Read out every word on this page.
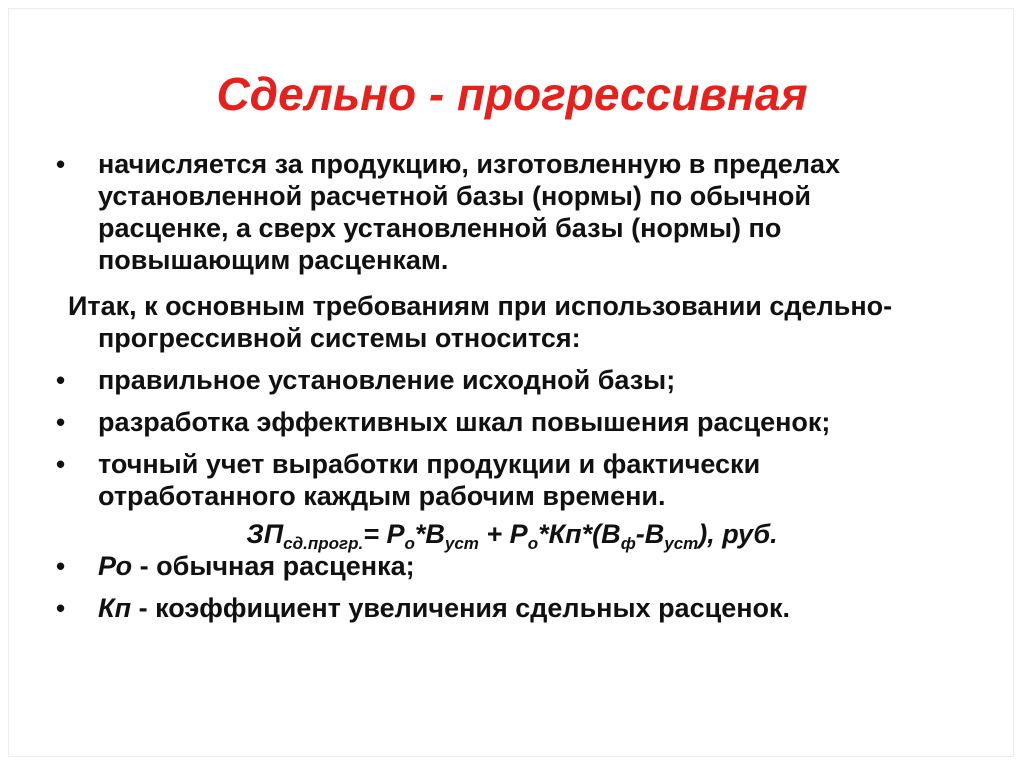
Сдельно - прогрессивная
• начисляется за продукцию, изготовленную в пределах установленной расчетной базы (нормы) по обычной расценке, а сверх установленной базы (нормы) по повышающим расценкам.
Итак, к основным требованиям при использовании сдельно-прогрессивной системы относится:
• правильное установление исходной базы;
• разработка эффективных шкал повышения расценок;
• точный учет выработки продукции и фактически отработанного каждым рабочим времени.
$ЗП_{сд.прогр.}= Р_о*В_{уст} + Р_о*Кп*(В_ф-В_{уст})$, руб.
• Ро - обычная расценка;
• Кп - коэффициент увеличения сдельных расценок.
